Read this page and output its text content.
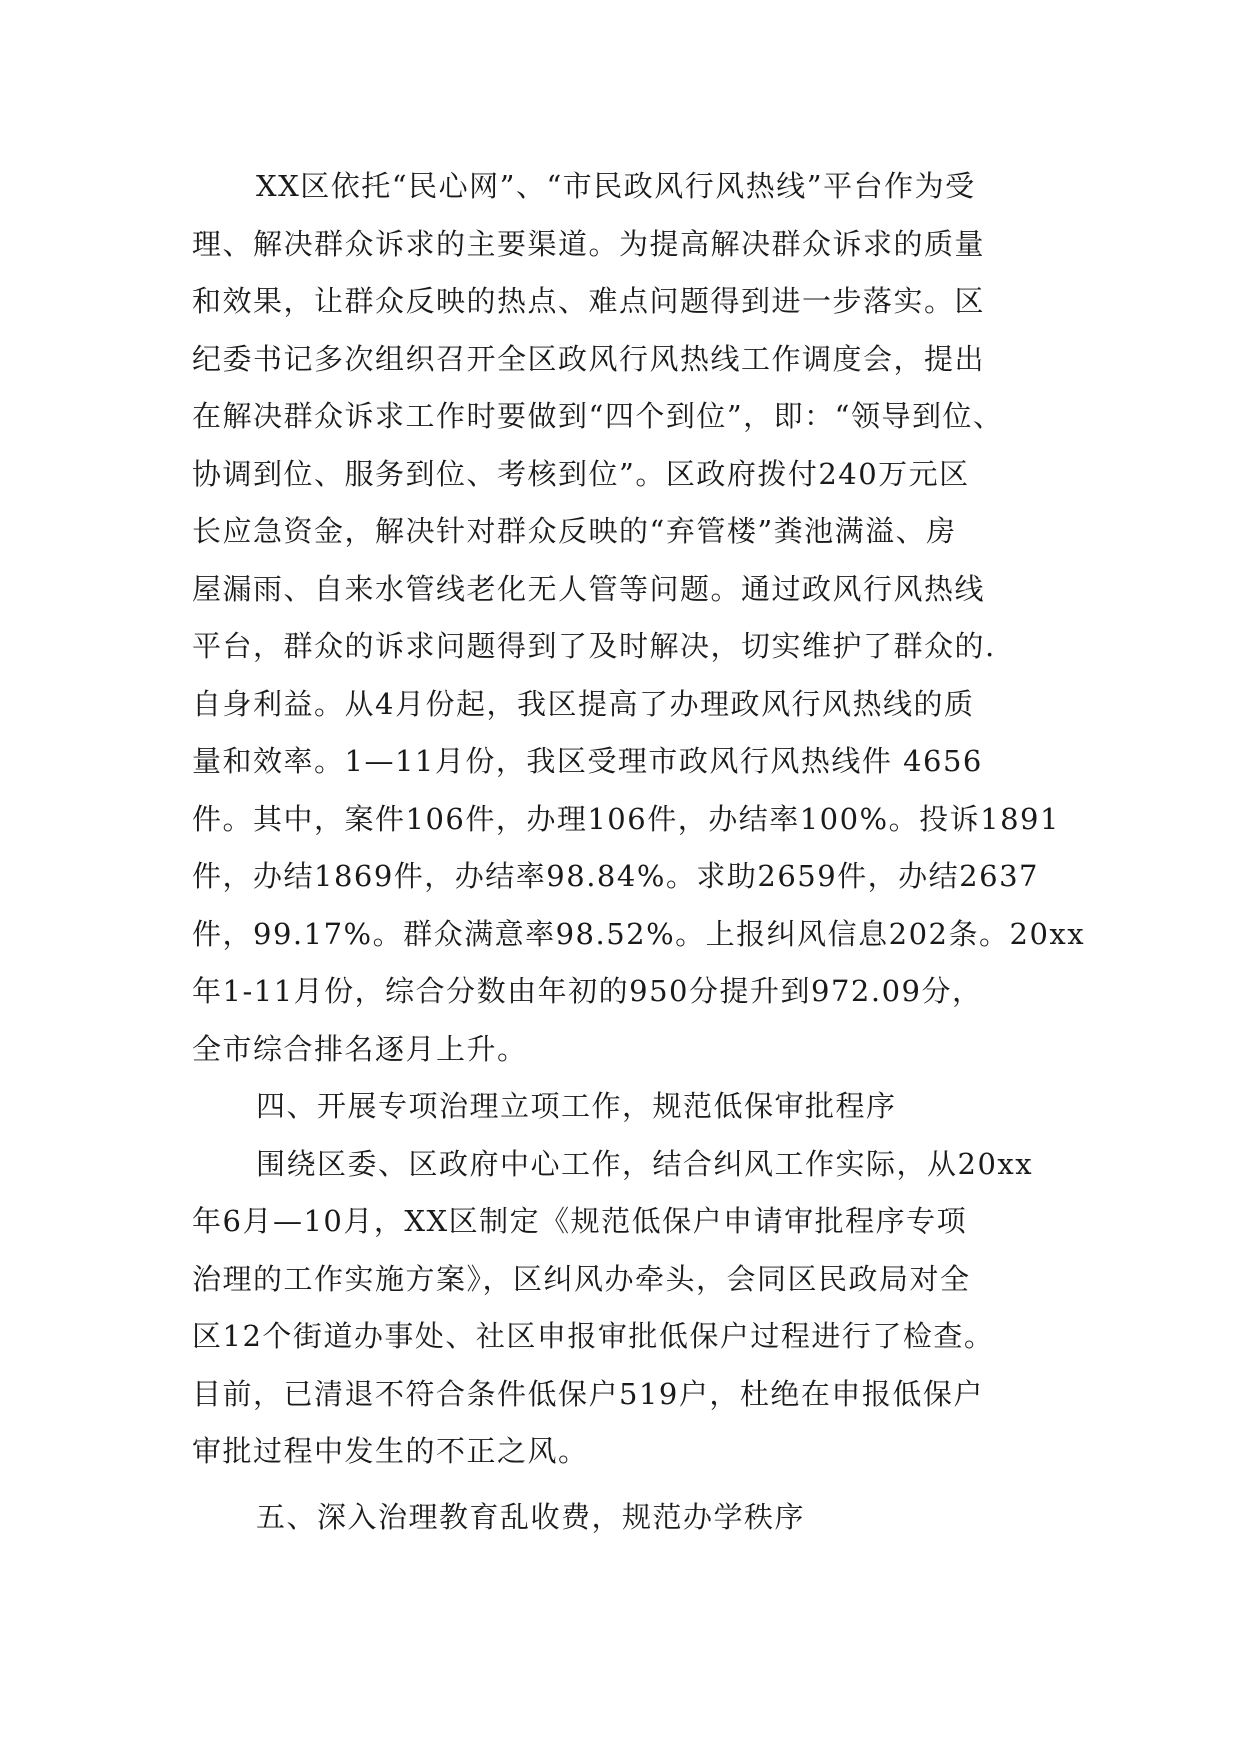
XX区依托“民心网”、“市民政风行风热线”平台作为受
理、解决群众诉求的主要渠道。为提高解决群众诉求的质量
和效果，让群众反映的热点、难点问题得到进一步落实。区
纪委书记多次组织召开全区政风行风热线工作调度会，提出
在解决群众诉求工作时要做到“四个到位”，即：“领导到位、
协调到位、服务到位、考核到位”。区政府拨付240万元区
长应急资金，解决针对群众反映的“弃管楼”粪池满溢、房
屋漏雨、自来水管线老化无人管等问题。通过政风行风热线
平台，群众的诉求问题得到了及时解决，切实维护了群众的.
自身利益。从4月份起，我区提高了办理政风行风热线的质
量和效率。1—11月份，我区受理市政风行风热线件 4656
件。其中，案件106件，办理106件，办结率100%。投诉1891
件，办结1869件，办结率98.84%。求助2659件，办结2637
件，99.17%。群众满意率98.52%。上报纠风信息202条。20xx
年1-11月份，综合分数由年初的950分提升到972.09分，
全市综合排名逐月上升。
四、开展专项治理立项工作，规范低保审批程序
围绕区委、区政府中心工作，结合纠风工作实际，从20xx
年6月—10月，XX区制定《规范低保户申请审批程序专项
治理的工作实施方案》，区纠风办牵头，会同区民政局对全
区12个街道办事处、社区申报审批低保户过程进行了检查。
目前，已清退不符合条件低保户519户，杜绝在申报低保户
审批过程中发生的不正之风。
五、深入治理教育乱收费，规范办学秩序
